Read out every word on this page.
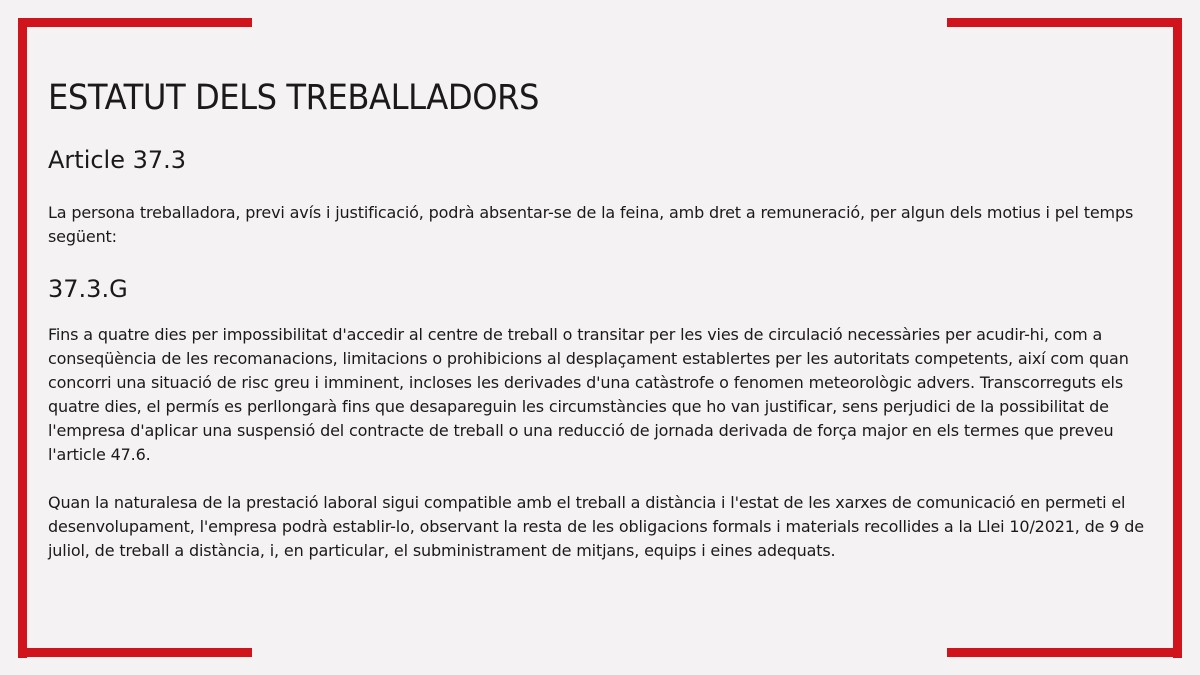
ESTATUT DELS TREBALLADORS
Article 37.3

La persona treballadora, previ avís i justificació, podrà absentar-se de la feina, amb dret a remuneració, per algun dels motius i pel temps següent:

37.3.G

Fins a quatre dies per impossibilitat d'accedir al centre de treball o transitar per les vies de circulació necessàries per acudir-hi, com a conseqüència de les recomanacions, limitacions o prohibicions al desplaçament establertes per les autoritats competents, així com quan concorri una situació de risc greu i imminent, incloses les derivades d'una catàstrofe o fenomen meteorològic advers. Transcorreguts els quatre dies, el permís es perllongarà fins que desapareguin les circumstàncies que ho van justificar, sens perjudici de la possibilitat de l'empresa d'aplicar una suspensió del contracte de treball o una reducció de jornada derivada de força major en els termes que preveu l'article 47.6.

Quan la naturalesa de la prestació laboral sigui compatible amb el treball a distància i l'estat de les xarxes de comunicació en permeti el desenvolupament, l'empresa podrà establir-lo, observant la resta de les obligacions formals i materials recollides a la Llei 10/2021, de 9 de juliol, de treball a distància, i, en particular, el subministrament de mitjans, equips i eines adequats.
